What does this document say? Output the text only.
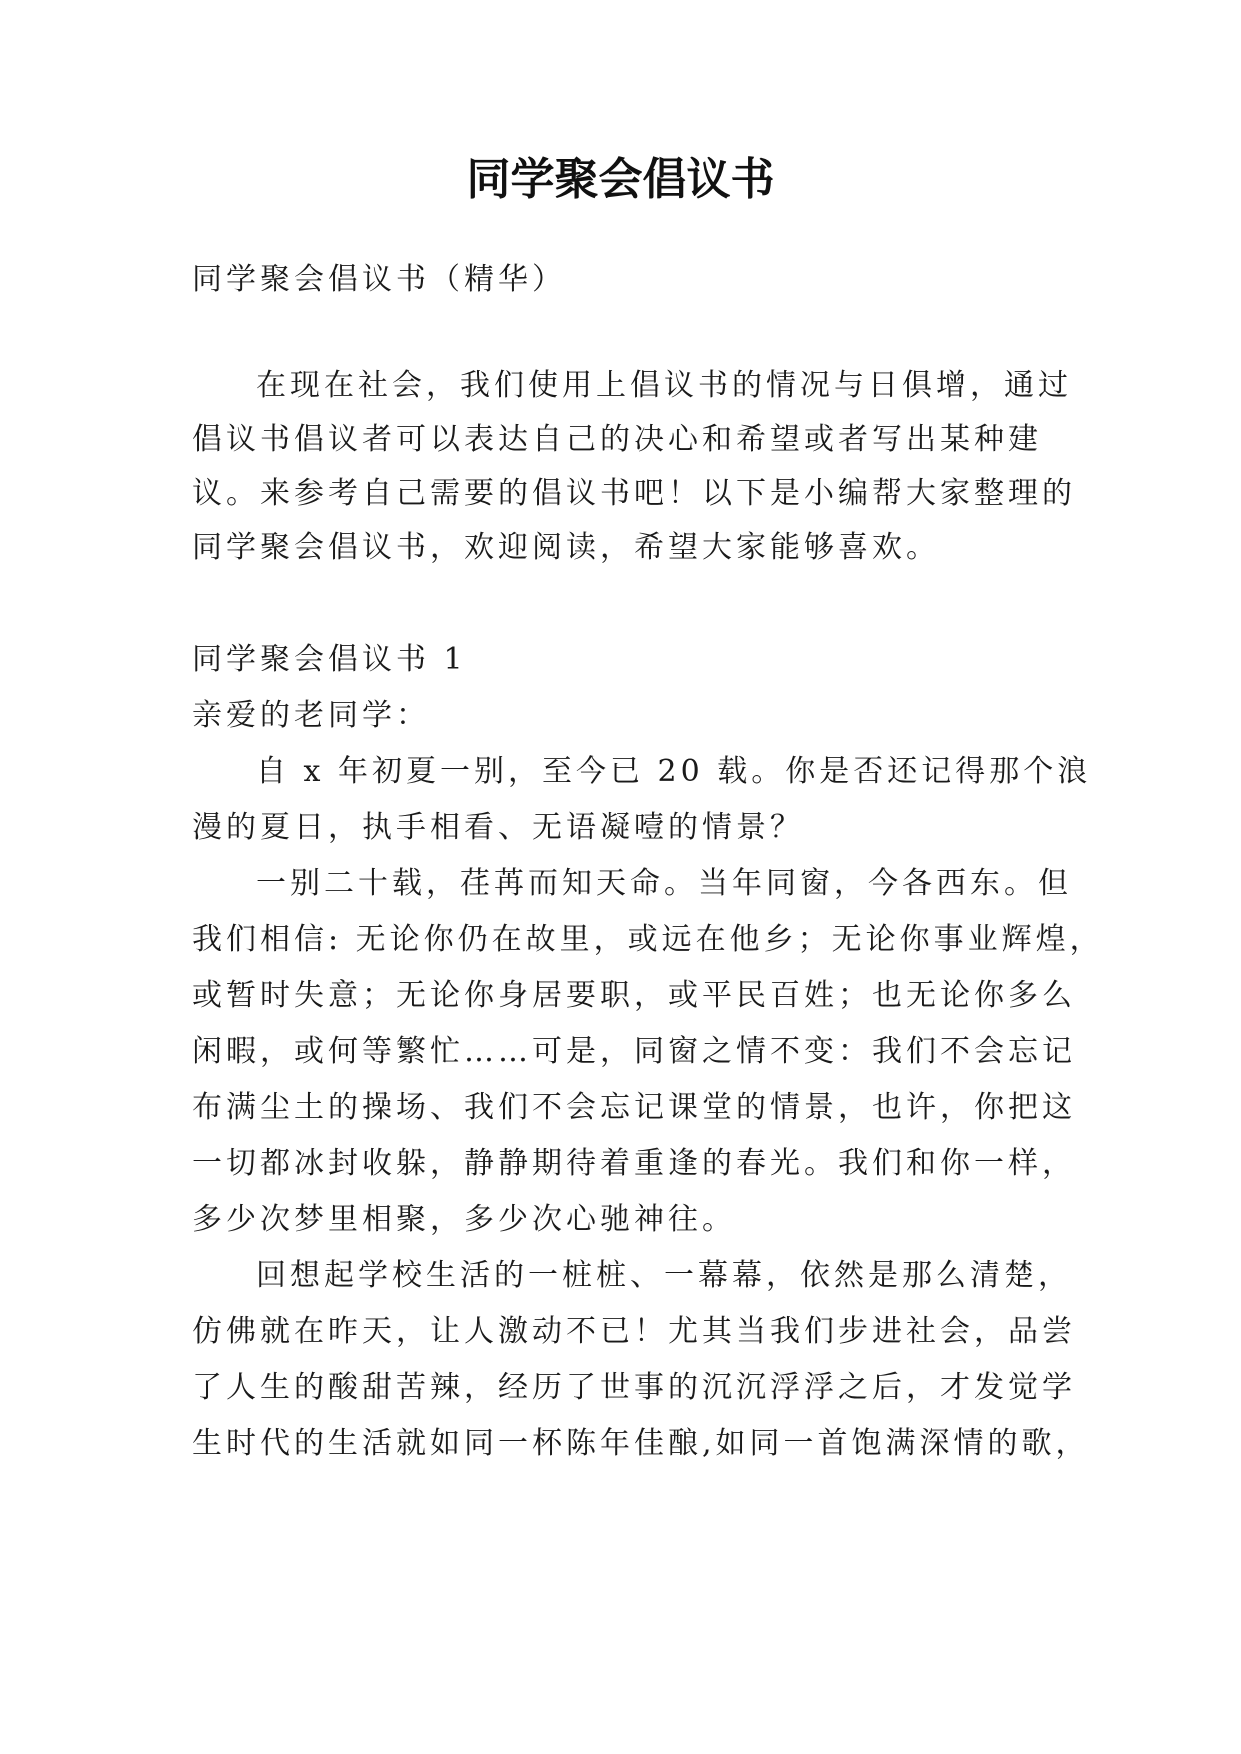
同学聚会倡议书

同学聚会倡议书（精华）

在现在社会，我们使用上倡议书的情况与日俱增，通过

倡议书倡议者可以表达自己的决心和希望或者写出某种建

议。来参考自己需要的倡议书吧！以下是小编帮大家整理的

同学聚会倡议书，欢迎阅读，希望大家能够喜欢。

同学聚会倡议书 1

亲爱的老同学：

自 x 年初夏一别，至今已 20 载。你是否还记得那个浪

漫的夏日，执手相看、无语凝噎的情景？

一别二十载，荏苒而知天命。当年同窗，今各西东。但

我们相信: 无论你仍在故里，或远在他乡；无论你事业辉煌，

或暂时失意；无论你身居要职，或平民百姓；也无论你多么

闲暇，或何等繁忙……可是，同窗之情不变：我们不会忘记

布满尘土的操场、我们不会忘记课堂的情景，也许，你把这

一切都冰封收躲，静静期待着重逢的春光。我们和你一样，

多少次梦里相聚，多少次心驰神往。

回想起学校生活的一桩桩、一幕幕，依然是那么清楚，

仿佛就在昨天，让人激动不已！尤其当我们步进社会，品尝

了人生的酸甜苦辣，经历了世事的沉沉浮浮之后，才发觉学

生时代的生活就如同一杯陈年佳酿,如同一首饱满深情的歌，
